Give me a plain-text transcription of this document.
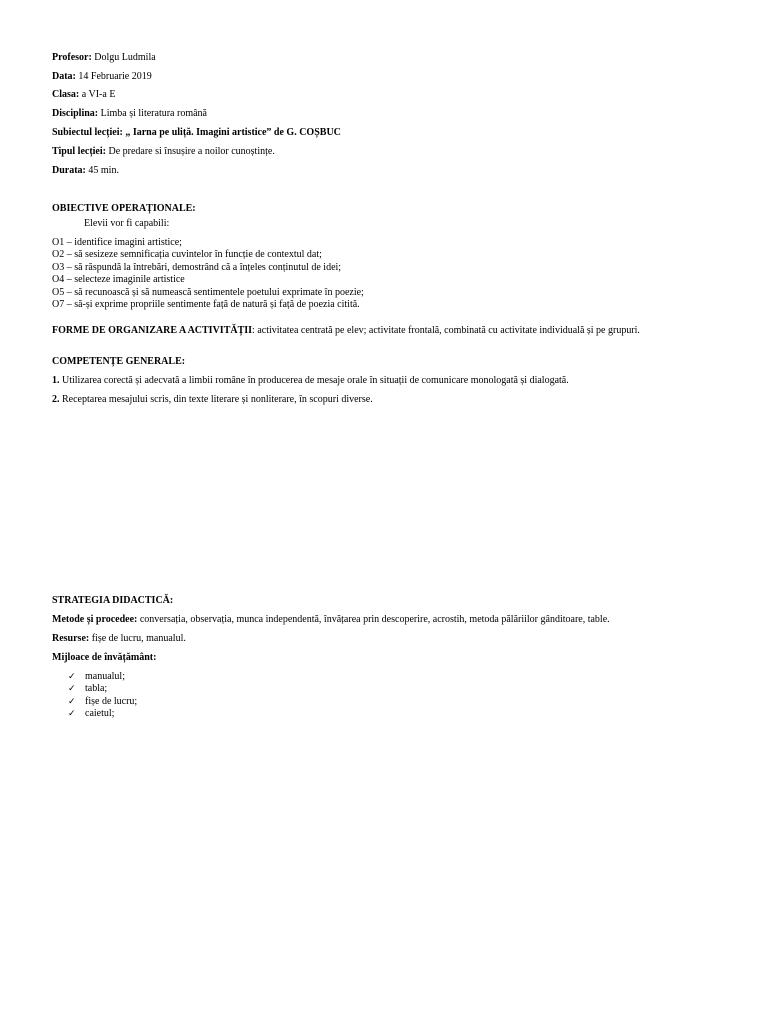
Profesor: Dolgu Ludmila
Data: 14 Februarie 2019
Clasa: a VI-a E
Disciplina: Limba și literatura română
Subiectul lecției: „ Iarna pe uliță. Imagini artistice” de G. COȘBUC
Tipul lecției: De predare si însușire a noilor cunoștințe.
Durata: 45 min.
OBIECTIVE OPERAȚIONALE:
Elevii vor fi capabili:
O1 – identifice imagini artistice;
O2 – să sesizeze semnificația cuvintelor în funcție de contextul dat;
O3 – să răspundă la întrebări, demostrând că a înțeles conținutul de idei;
O4 – selecteze imaginile artistice
O5 – să recunoască și să numească sentimentele poetului exprimate în poezie;
O7 – să-și exprime propriile sentimente față de natură și față de poezia citită.
FORME DE ORGANIZARE A ACTIVITĂȚII: activitatea centrată pe elev; activitate frontală, combinată cu activitate individuală și pe grupuri.
COMPETENȚE GENERALE:
1. Utilizarea corectă și adecvată a limbii române în producerea de mesaje orale în situații de comunicare monologată și dialogată.
2. Receptarea mesajului scris, din texte literare și nonliterare, în scopuri diverse.
STRATEGIA DIDACTICĂ:
Metode și procedee: conversația, observația, munca independentă, învățarea prin descoperire, acrostih, metoda pălăriilor gânditoare, table.
Resurse: fișe de lucru, manualul.
Mijloace de învățământ:
✓ manualul;
✓ tabla;
✓ fișe de lucru;
✓ caietul;
